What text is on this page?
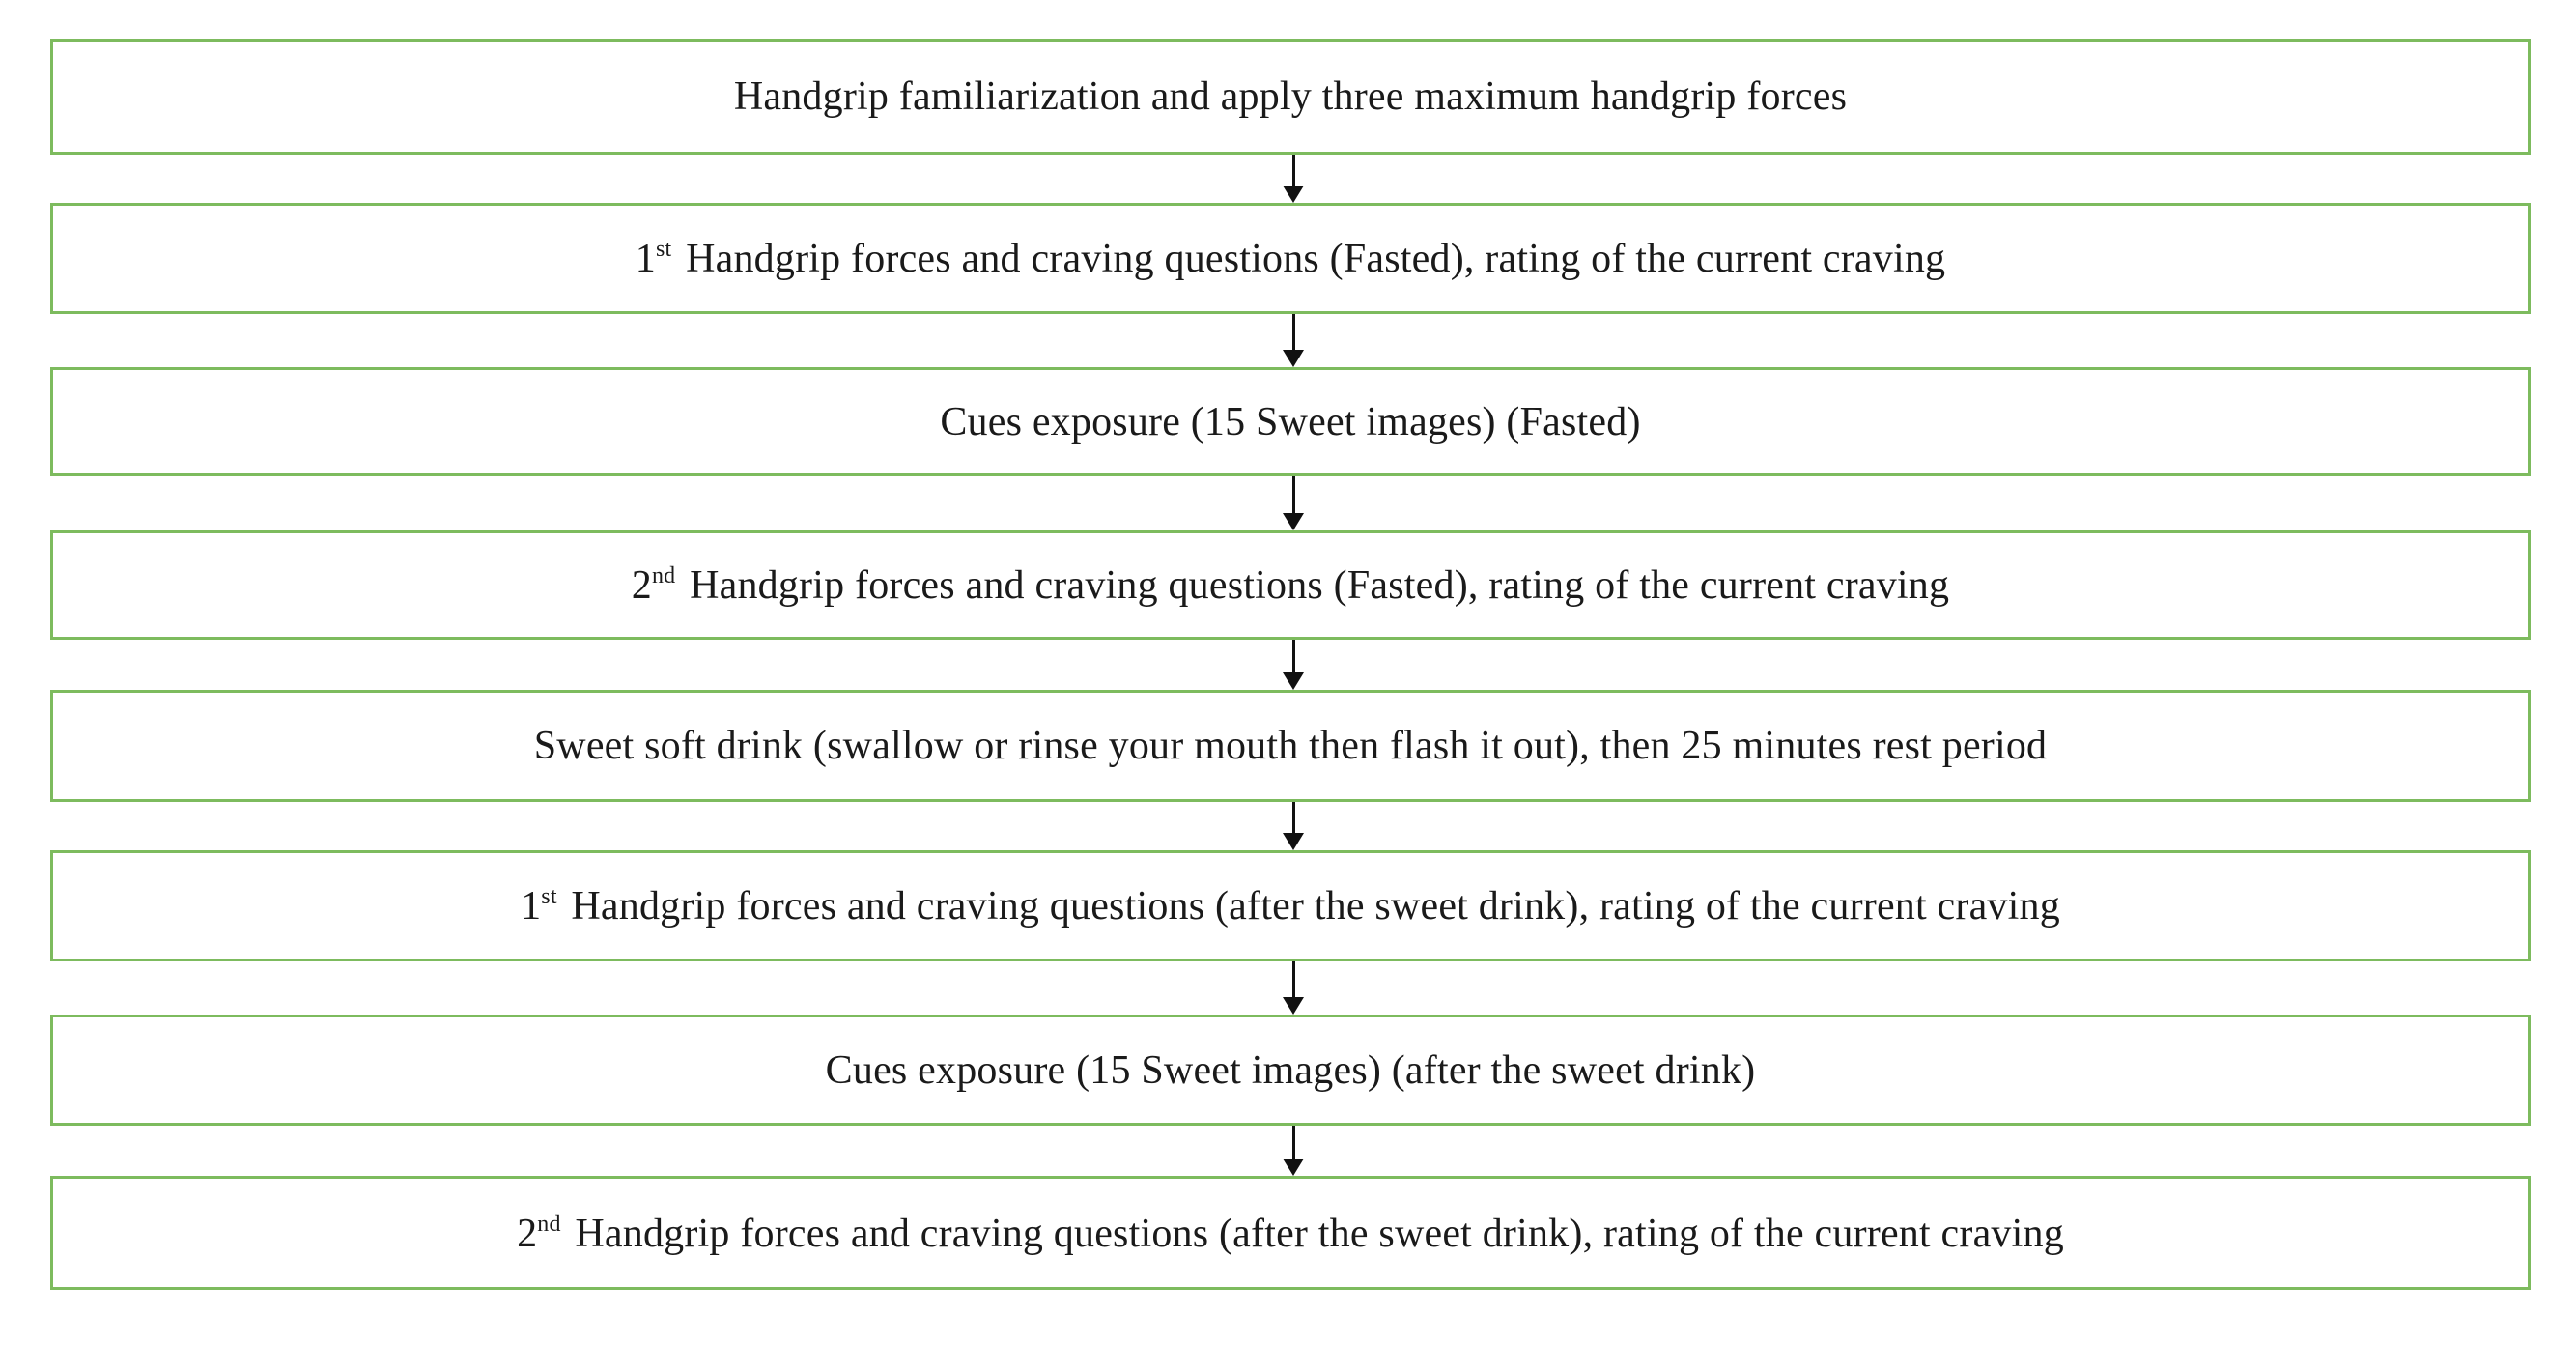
Handgrip familiarization and apply three maximum handgrip forces
1st Handgrip forces and craving questions (Fasted), rating of the current craving
Cues exposure (15 Sweet images) (Fasted)
2nd Handgrip forces and craving questions (Fasted), rating of the current craving
Sweet soft drink (swallow or rinse your mouth then flash it out), then 25 minutes rest period
1st Handgrip forces and craving questions (after the sweet drink), rating of the current craving
Cues exposure (15 Sweet images) (after the sweet drink)
2nd Handgrip forces and craving questions (after the sweet drink), rating of the current craving
